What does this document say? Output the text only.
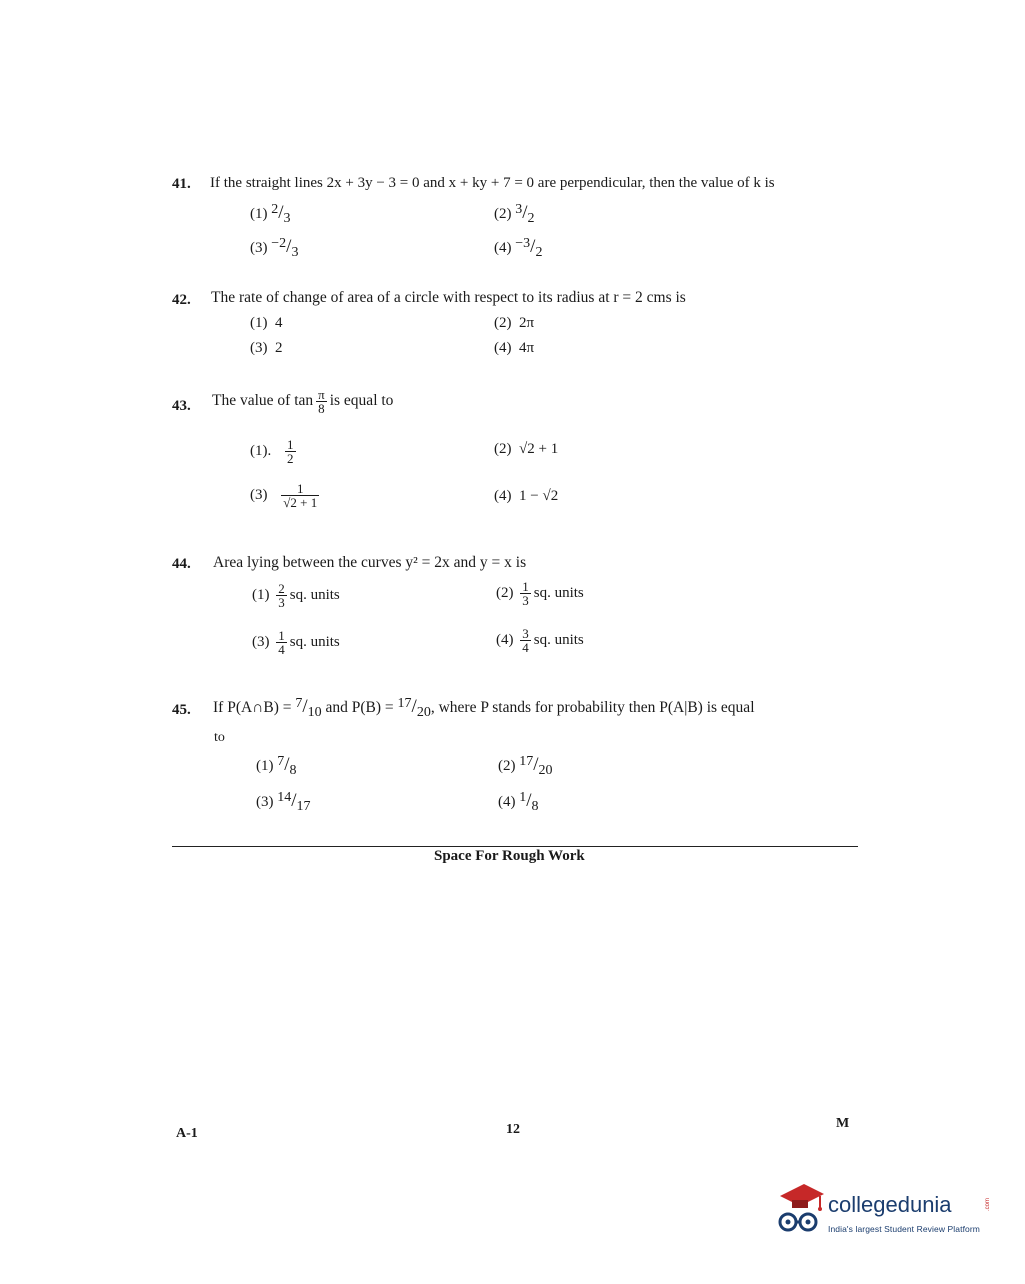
41. If the straight lines 2x + 3y − 3 = 0 and x + ky + 7 = 0 are perpendicular, then the value of k is
(1) $^2/_3$	(2) $^3/_2$
(3) $^{-2}/_3$	(4) $^{-3}/_2$
42. The rate of change of area of a circle with respect to its radius at r = 2 cms is
(1) 4	(2) 2π
(3) 2	(4) 4π
43. The value of $\tan \frac{\pi}{8}$ is equal to
(1). $\frac{1}{2}$	(2) √2 + 1
$(3) \frac{1}{√2 + 1}$	(4) 1 − √2
44. Area lying between the curves y² = 2x and y = x is
$(1) \frac{2}{3}$ sq. units	$(2) \frac{1}{3}$ sq. units
$(3) \frac{1}{4}$ sq. units	$(4) \frac{3}{4}$ sq. units
45. If P(A∩B) = $^7/_{10}$ and $P(B) = ^{17}/_{20}$, where P stands for probability then P(A|B) is equal
to
(1) $^7/_8$	(2) $^{17}/_{20}$
(3) $^{14}/_{17}$	(4) $^1/_8$
Space For Rough Work
A-1	12	M
collegedunia	.com
India's largest Student Review Platform
